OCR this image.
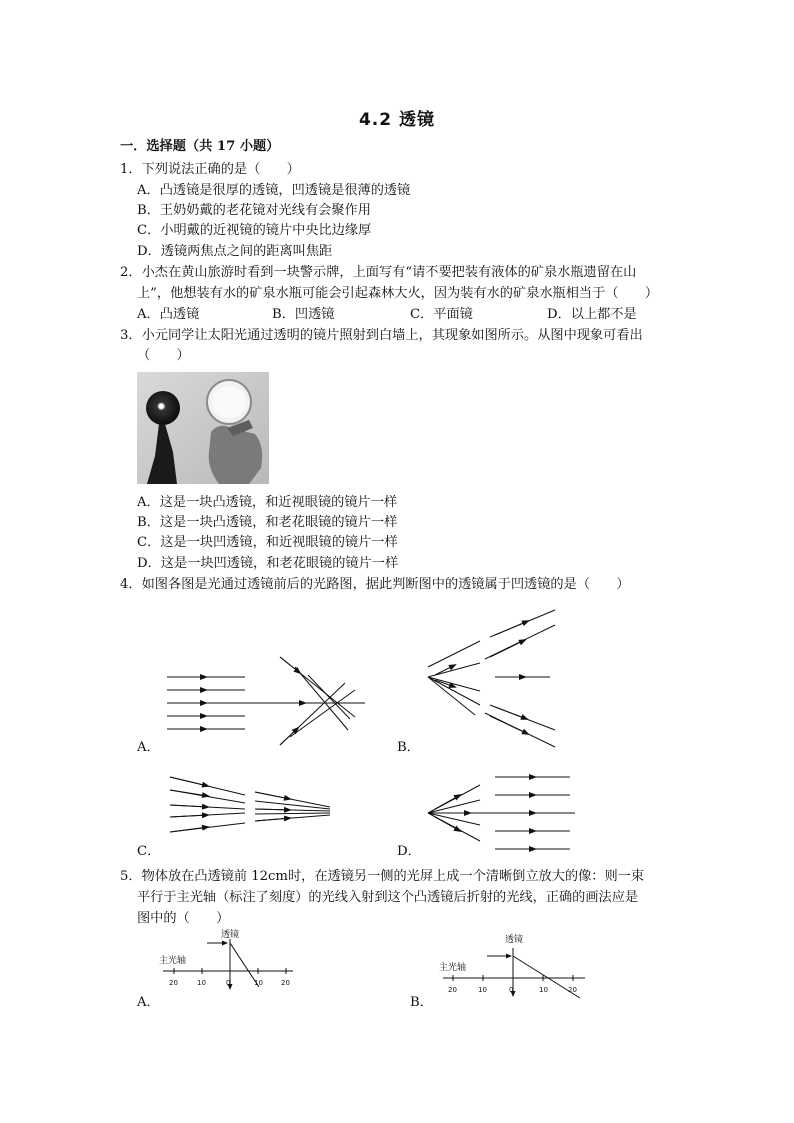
4.2 透镜
一．选择题（共 17 小题）
1．下列说法正确的是（　　）
A．凸透镜是很厚的透镜，凹透镜是很薄的透镜
B．王奶奶戴的老花镜对光线有会聚作用
C．小明戴的近视镜的镜片中央比边缘厚
D．透镜两焦点之间的距离叫焦距
2．小杰在黄山旅游时看到一块警示牌，上面写有“请不要把装有液体的矿泉水瓶遗留在山
上”，他想装有水的矿泉水瓶可能会引起森林大火，因为装有水的矿泉水瓶相当于（　　）
A．凸透镜	B．凹透镜	C．平面镜	D．以上都不是
3．小元同学让太阳光通过透明的镜片照射到白墙上，其现象如图所示。从图中现象可看出
（　　）
A．这是一块凸透镜，和近视眼镜的镜片一样
B．这是一块凸透镜，和老花眼镜的镜片一样
C．这是一块凹透镜，和近视眼镜的镜片一样
D．这是一块凹透镜，和老花眼镜的镜片一样
4．如图各图是光通过透镜前后的光路图，据此判断图中的透镜属于凹透镜的是（　　）
A．	B．
C．	D．
5．物体放在凸透镜前 12cm时，在透镜另一侧的光屏上成一个清晰倒立放大的像：则一束
平行于主光轴（标注了刻度）的光线入射到这个凸透镜后折射的光线，正确的画法应是
图中的（　　）
透镜
主光轴
20	10	0	10	20
透镜
主光轴
20	10	0	10	20
A．	B．
